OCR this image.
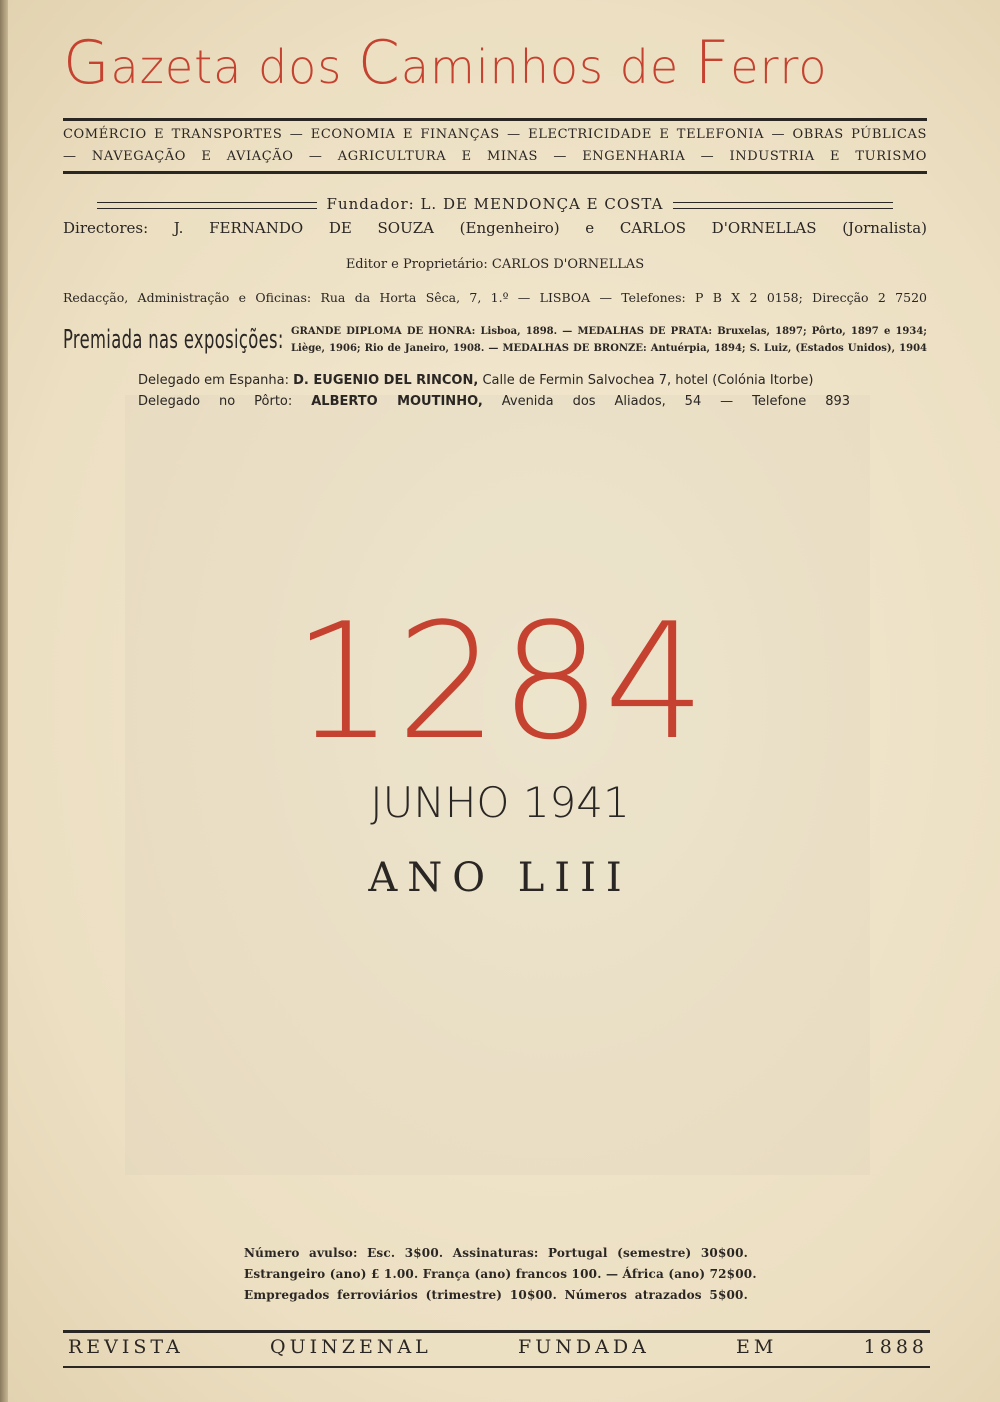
Gazeta dos Caminhos de Ferro
COMÉRCIO E TRANSPORTES — ECONOMIA E FINANÇAS — ELECTRICIDADE E TELEFONIA — OBRAS PÚBLICAS
— NAVEGAÇÃO E AVIAÇÃO — AGRICULTURA E MINAS — ENGENHARIA — INDUSTRIA E TURISMO
Fundador: L. DE MENDONÇA E COSTA
Directores: J. FERNANDO DE SOUZA (Engenheiro) e CARLOS D'ORNELLAS (Jornalista)
Editor e Proprietário: CARLOS D'ORNELLAS
Redacção, Administração e Oficinas: Rua da Horta Sêca, 7, 1.º — LISBOA — Telefones: P B X 2 0158; Direcção 2 7520
Premiada nas exposições: GRANDE DIPLOMA DE HONRA: Lisboa, 1898. — MEDALHAS DE PRATA: Bruxelas, 1897; Pôrto, 1897 e 1934;
Liège, 1906; Rio de Janeiro, 1908. — MEDALHAS DE BRONZE: Antuérpia, 1894; S. Luiz, (Estados Unidos), 1904
Delegado em Espanha: D. EUGENIO DEL RINCON, Calle de Fermin Salvochea 7, hotel (Colónia Itorbe)
Delegado no Pôrto: ALBERTO MOUTINHO, Avenida dos Aliados, 54 — Telefone 893
1284
JUNHO 1941
ANO LIII
Número avulso: Esc. 3$00. Assinaturas: Portugal (semestre) 30$00.
Estrangeiro (ano) £ 1.00. França (ano) francos 100. — África (ano) 72$00.
Empregados ferroviários (trimestre) 10$00. Números atrazados 5$00.
REVISTA QUINZENAL FUNDADA EM 1888
